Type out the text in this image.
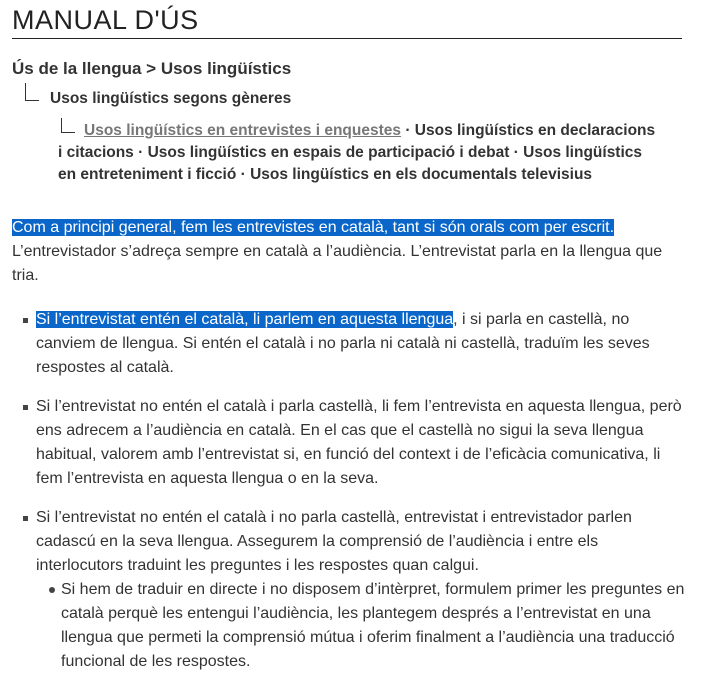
MANUAL D'ÚS
Ús de la llengua > Usos lingüístics
Usos lingüístics segons gèneres
Usos lingüístics en entrevistes i enquestes · Usos lingüístics en declaracions i citacions · Usos lingüístics en espais de participació i debat · Usos lingüístics en entreteniment i ficció · Usos lingüístics en els documentals televisius
Com a principi general, fem les entrevistes en català, tant si són orals com per escrit.
L’entrevistador s’adreça sempre en català a l’audiència. L’entrevistat parla en la llengua que tria.
Si l’entrevistat entén el català, li parlem en aquesta llengua, i si parla en castellà, no canviem de llengua. Si entén el català i no parla ni català ni castellà, traduïm les seves respostes al català.
Si l’entrevistat no entén el català i parla castellà, li fem l’entrevista en aquesta llengua, però ens adrecem a l’audiència en català. En el cas que el castellà no sigui la seva llengua habitual, valorem amb l’entrevistat si, en funció del context i de l’eficàcia comunicativa, li fem l’entrevista en aquesta llengua o en la seva.
Si l’entrevistat no entén el català i no parla castellà, entrevistat i entrevistador parlen cadascú en la seva llengua. Assegurem la comprensió de l’audiència i entre els interlocutors traduint les preguntes i les respostes quan calgui.
Si hem de traduir en directe i no disposem d’intèrpret, formulem primer les preguntes en català perquè les entengui l’audiència, les plantegem després a l’entrevistat en una llengua que permeti la comprensió mútua i oferim finalment a l’audiència una traducció funcional de les respostes.
